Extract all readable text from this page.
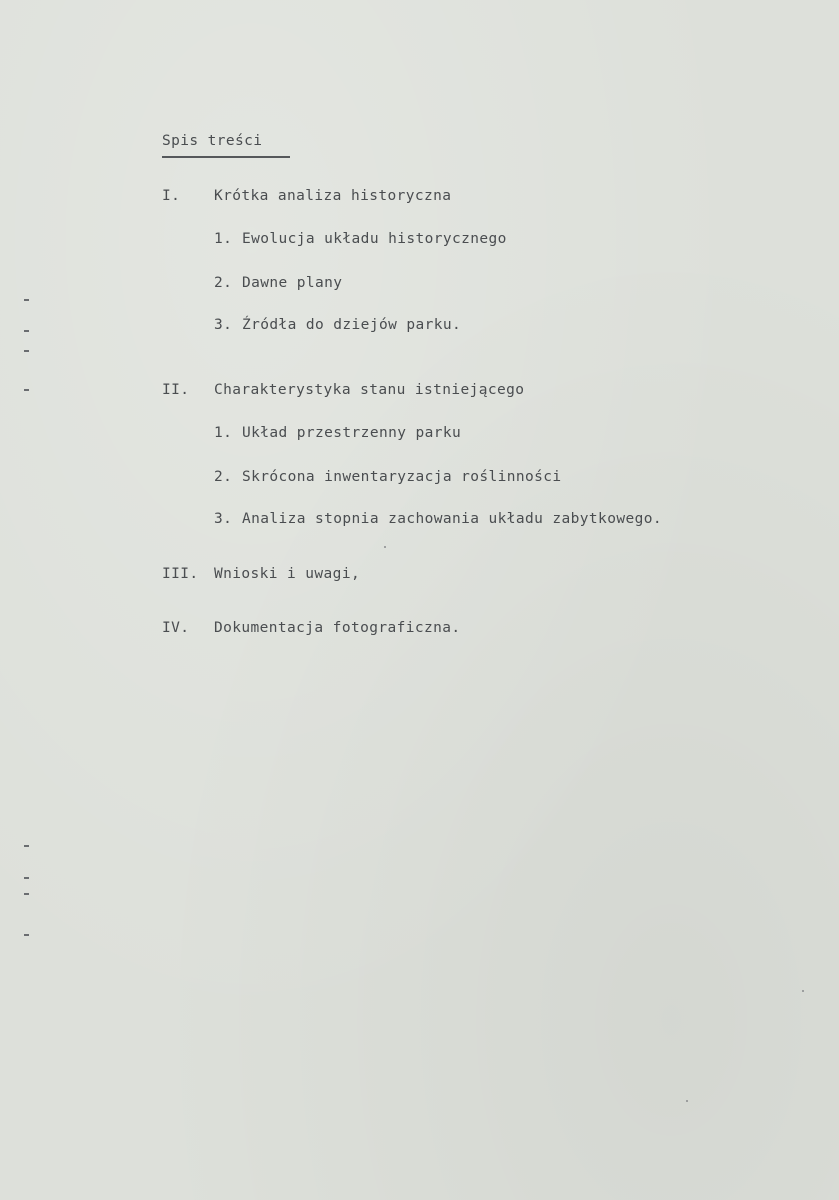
Spis treści
I. Krótka analiza historyczna
1. Ewolucja układu historycznego
2. Dawne plany
3. Źródła do dziejów parku.
II. Charakterystyka stanu istniejącego
1. Układ przestrzenny parku
2. Skrócona inwentaryzacja roślinności
3. Analiza stopnia zachowania układu zabytkowego.
III. Wnioski i uwagi,
IV. Dokumentacja fotograficzna.
